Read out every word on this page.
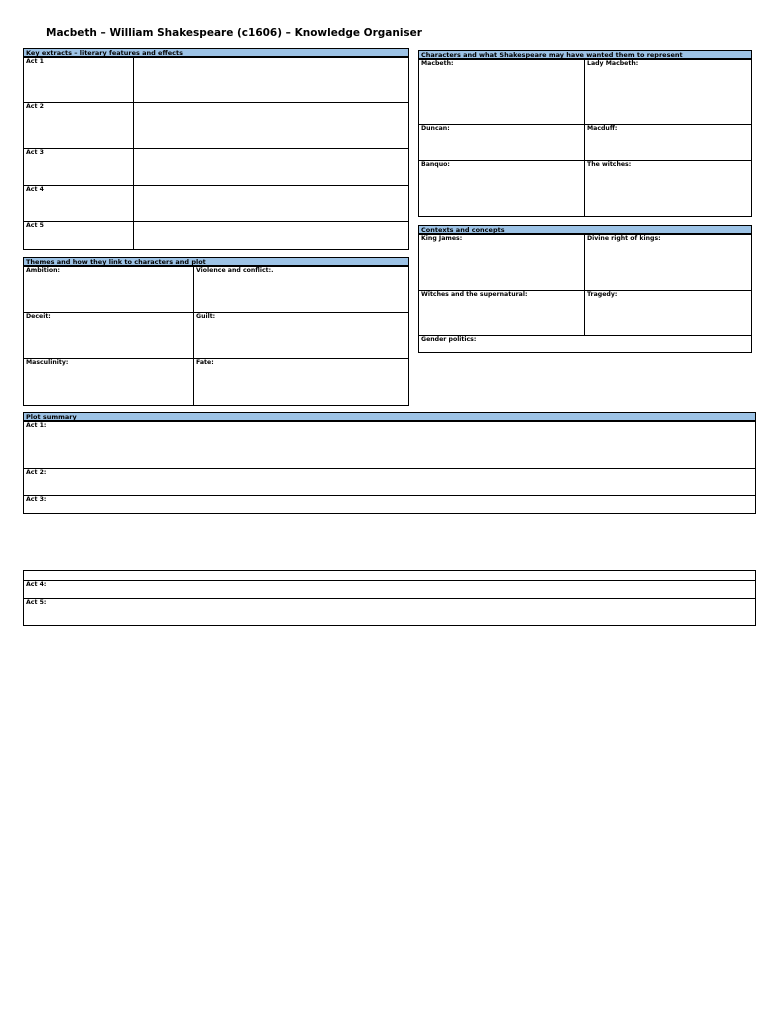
Macbeth – William Shakespeare (c1606) – Knowledge Organiser
Key extracts – literary features and effects
Act 1
Act 2
Act 3
Act 4
Act 5
Themes and how they link to characters and plot
Ambition:	Violence and conflict:.
Deceit:	Guilt:
Masculinity:	Fate:
Characters and what Shakespeare may have wanted them to represent
Macbeth:	Lady Macbeth:
Duncan:	Macduff:
Banquo:	The witches:
Contexts and concepts
King James:	Divine right of kings:
Witches and the supernatural:	Tragedy:
Gender politics:
Plot summary
Act 1:
Act 2:
Act 3:
Act 4:
Act 5:
